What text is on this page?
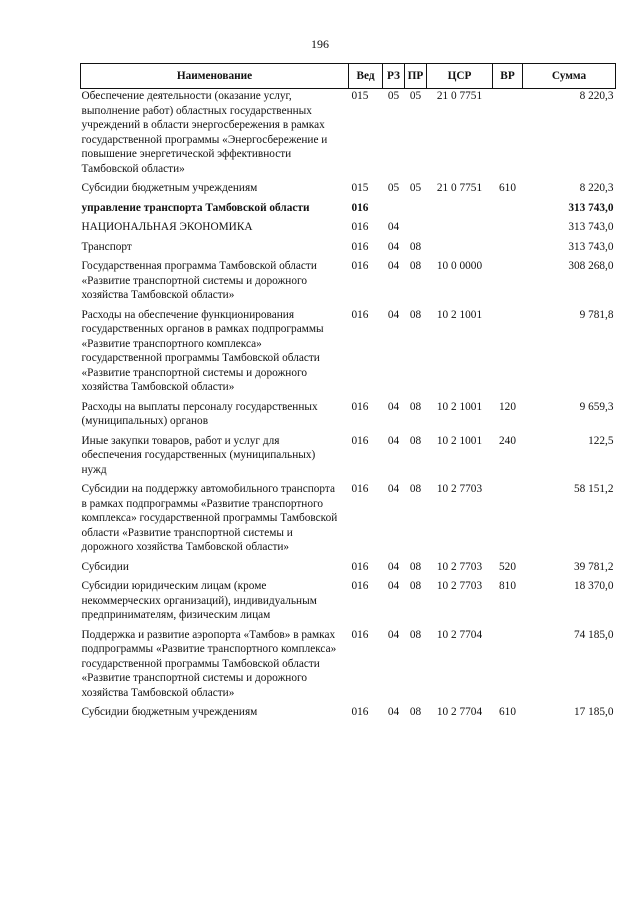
196
Наименование	Вед	РЗ	ПР	ЦСР	ВР	Сумма
Обеспечение деятельности (оказание услуг, выполнение работ) областных государственных учреждений в области энергосбережения в рамках государственной программы «Энергосбережение и повышение энергетической эффективности Тамбовской области»	015	05	05	21 0 7751		8 220,3

Субсидии бюджетным учреждениям	015	05	05	21 0 7751	610	8 220,3

управление транспорта Тамбовской области	016					313 743,0

НАЦИОНАЛЬНАЯ ЭКОНОМИКА	016	04				313 743,0

Транспорт	016	04	08			313 743,0

Государственная программа Тамбовской области «Развитие транспортной системы и дорожного хозяйства Тамбовской области»	016	04	08	10 0 0000		308 268,0

Расходы на обеспечение функционирования государственных органов в рамках подпрограммы «Развитие транспортного комплекса» государственной программы Тамбовской области «Развитие транспортной системы и дорожного хозяйства Тамбовской области»	016	04	08	10 2 1001		9 781,8

Расходы на выплаты персоналу государственных (муниципальных) органов	016	04	08	10 2 1001	120	9 659,3

Иные закупки товаров, работ и услуг для обеспечения государственных (муниципальных) нужд	016	04	08	10 2 1001	240	122,5

Субсидии на поддержку автомобильного транспорта в рамках подпрограммы «Развитие транспортного комплекса» государственной программы Тамбовской области «Развитие транспортной системы и дорожного хозяйства Тамбовской области»	016	04	08	10 2 7703		58 151,2

Субсидии	016	04	08	10 2 7703	520	39 781,2

Субсидии юридическим лицам (кроме некоммерческих организаций), индивидуальным предпринимателям, физическим лицам	016	04	08	10 2 7703	810	18 370,0

Поддержка и развитие аэропорта «Тамбов» в рамках подпрограммы «Развитие транспортного комплекса» государственной программы Тамбовской области «Развитие транспортной системы и дорожного хозяйства Тамбовской области»	016	04	08	10 2 7704		74 185,0

Субсидии бюджетным учреждениям	016	04	08	10 2 7704	610	17 185,0
